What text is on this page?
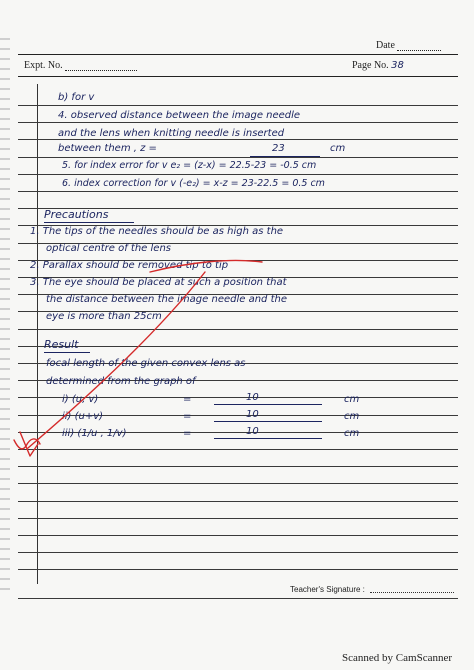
Date
Expt. No.	Page No. 38
b) for v
4. observed distance between the image needle
and the lens when knitting needle is inserted
between them , z =	23	cm
5. for index error for v e₂ = (z-x) = 22.5-23 = -0.5 cm
6. index correction for v (-e₂) = x-z = 23-22.5 = 0.5 cm
Precautions
1. The tips of the needles should be as high as the
optical centre of the lens
2. Parallax should be removed tip to tip
3. The eye should be placed at such a position that
the distance between the image needle and the
eye is more than 25cm
Result
focal length of the given convex lens as
determined from the graph of
i) (u, v)	=	10	cm
ii) (u+v)	=	10	cm
iii) (1/u , 1/v)	=	10	cm
Teacher's Signature :
Scanned by CamScanner
